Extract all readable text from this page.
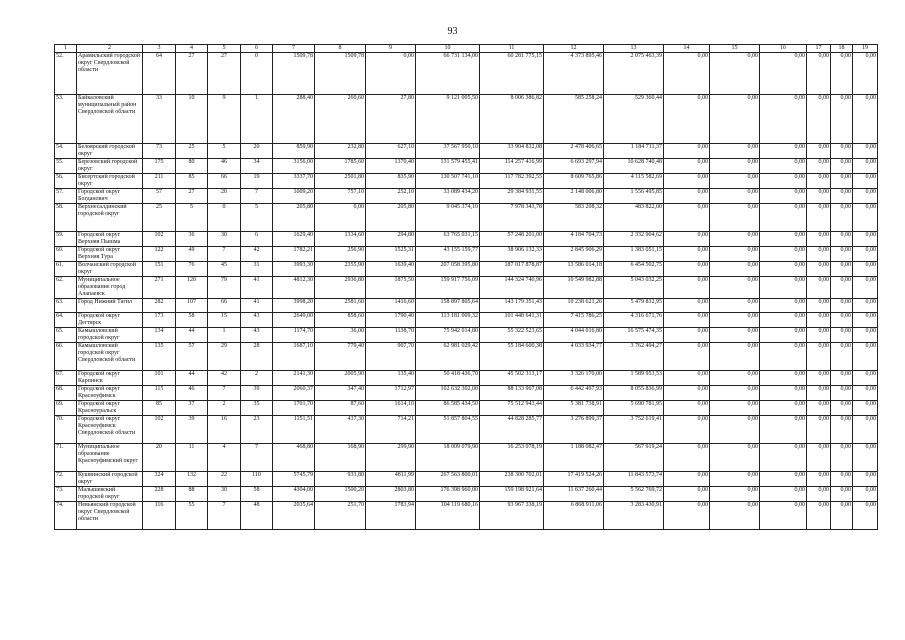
93
1	2	3	4	5	6	7	8	9	10	11	12	13	14	15	16	17	18	19
52.	Арамильский городской округ Свердловской области	64	27	27	0	1509,78	1509,78	0,00	66 731 134,00	60 281 775,15	4 373 895,46	2 075 463,39	0,00	0,00	0,00	0,00	0,00	0,00
53.	Байкаловский муниципальный район Свердловской области	33	10	9	1	288,40	260,60	27,80	9 121 005,50	8 006 386,82	585 258,24	529 360,44	0,00	0,00	0,00	0,00	0,00	0,00
54.	Белоярский городской округ	73	25	5	20	859,90	232,80	627,10	37 567 950,10	33 904 832,08	2 478 406,65	1 184 711,37	0,00	0,00	0,00	0,00	0,00	0,00
55.	Березовский городской округ	175	80	46	34	3156,00	1785,60	1370,40	131 579 455,41	114 257 416,99	6 693 297,94	10 628 740,48	0,00	0,00	0,00	0,00	0,00	0,00
56.	Бисертский городской округ	211	85	66	19	3337,70	2501,80	835,90	130 507 741,10	117 782 392,55	8 609 765,86	4 115 582,69	0,00	0,00	0,00	0,00	0,00	0,00
57.	Городской округ Богданович	57	27	20	7	1009,20	757,10	252,10	33 089 434,20	29 384 931,55	2 148 006,80	1 556 495,85	0,00	0,00	0,00	0,00	0,00	0,00
58.	Верхнесалдинский городской округ	25	5	0	5	205,80	0,00	205,80	9 045 374,10	7 978 343,78	583 208,32	483 822,00	0,00	0,00	0,00	0,00	0,00	0,00
59.	Городской округ Верхняя Пышма	102	36	30	6	1629,40	1334,60	294,80	63 765 031,15	57 248 201,00	4 184 704,73	2 332 904,62	0,00	0,00	0,00	0,00	0,00	0,00
60.	Городской округ Верхняя Тура	122	49	7	42	1782,21	256,90	1525,31	43 155 159,77	38 906 132,33	2 845 906,29	1 383 051,15	0,00	0,00	0,00	0,00	0,00	0,00
61.	Волчанский городской округ	151	76	45	31	3993,30	2355,90	1639,40	207 058 395,80	187 017 878,87	13 586 014,18	6 454 502,75	0,00	0,00	0,00	0,00	0,00	0,00
62.	Муниципальное образование город Алапаевск	271	120	79	41	4812,30	2936,80	1875,50	159 917 756,09	144 324 740,96	10 549 982,88	5 043 032,25	0,00	0,00	0,00	0,00	0,00	0,00
63.	Город Нижний Тагил	282	107	66	41	3998,20	2581,60	1416,60	158 897 805,64	143 179 351,43	10 238 621,26	5 479 832,95	0,00	0,00	0,00	0,00	0,00	0,00
64.	Городской округ Дегтярск	173	58	15	43	2649,00	858,60	1790,40	113 181 009,32	101 448 641,31	7 415 786,25	4 316 671,76	0,00	0,00	0,00	0,00	0,00	0,00
65.	Камышловский городской округ	134	44	1	43	1174,70	36,00	1138,70	75 942 014,80	55 322 523,65	4 044 016,80	16 575 474,35	0,00	0,00	0,00	0,00	0,00	0,00
66.	Камышловский городской округ Свердловской области	135	57	29	28	1687,10	779,40	907,70	62 981 029,42	55 184 600,38	4 033 934,77	3 762 494,27	0,00	0,00	0,00	0,00	0,00	0,00
67.	Городской округ Карпинск	101	44	42	2	2141,30	2005,90	135,40	50 418 436,70	45 502 313,17	3 326 170,00	1 589 953,53	0,00	0,00	0,00	0,00	0,00	0,00
68.	Городской округ Красноуфимск	115	46	7	39	2060,37	347,40	1712,97	102 632 302,00	88 133 967,08	6 442 497,93	8 055 836,99	0,00	0,00	0,00	0,00	0,00	0,00
69.	Городской округ Красноуральск	85	37	2	35	1701,70	87,60	1614,10	86 585 434,50	75 512 943,44	5 381 738,91	5 690 781,95	0,00	0,00	0,00	0,00	0,00	0,00
70.	Городской округ Красноуфимск Свердловской области	102	39	16	23	1151,51	437,30	714,21	51 857 804,55	44 828 285,77	3 276 899,37	3 752 619,41	0,00	0,00	0,00	0,00	0,00	0,00
71.	Муниципальное образование Красноуфимский округ	20	11	4	7	468,80	168,90	299,90	18 009 079,90	16 253 078,19	1 188 082,47	567 919,24	0,00	0,00	0,00	0,00	0,00	0,00
72.	Кушвинский городской округ	324	132	22	110	5745,79	933,80	4811,99	267 563 800,01	238 300 702,01	17 419 524,26	11 843 573,74	0,00	0,00	0,00	0,00	0,00	0,00
73.	Малышевский городской округ	228	88	30	58	4304,00	1500,20	2803,80	176 398 960,00	159 198 921,64	11 637 260,44	5 562 769,72	0,00	0,00	0,00	0,00	0,00	0,00
74.	Невьянский городской округ Свердловской области	116	55	7	48	2035,64	251,70	1783,94	104 119 680,16	93 967 338,19	6 868 911,06	3 283 430,91	0,00	0,00	0,00	0,00	0,00	0,00
